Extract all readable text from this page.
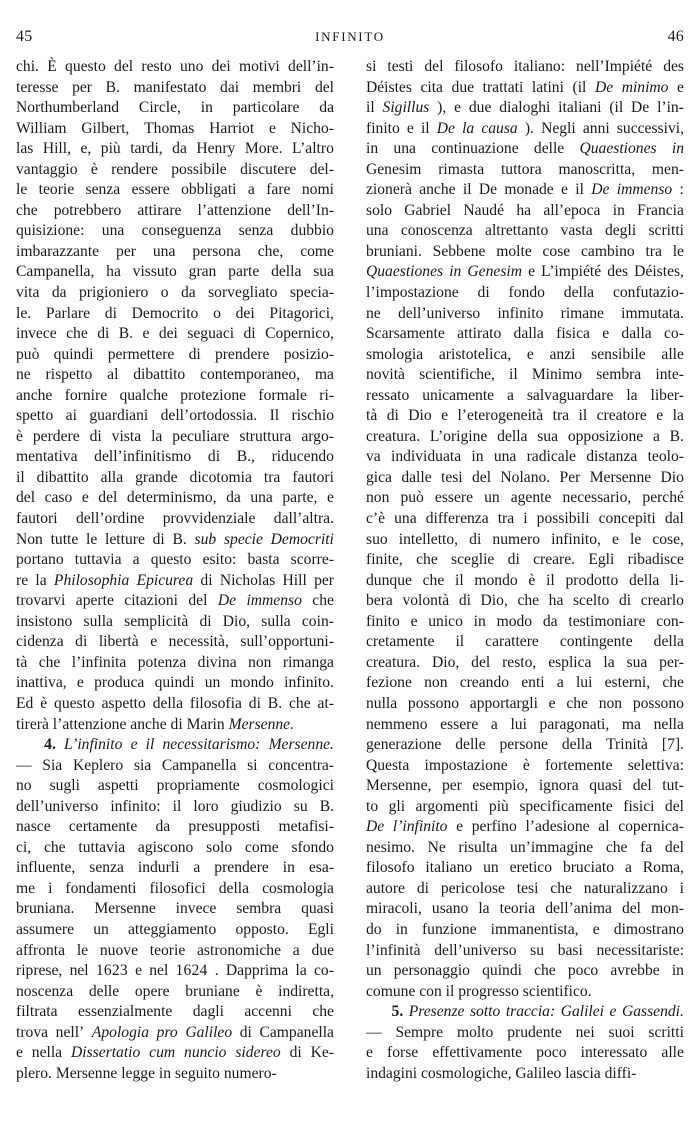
45	INFINITO	46
chi. È questo del resto uno dei motivi dell’in-
teresse per B. manifestato dai membri del
Northumberland Circle, in particolare da
William Gilbert, Thomas Harriot e Nicho-
las Hill, e, più tardi, da Henry More. L’altro
vantaggio è rendere possibile discutere del-
le teorie senza essere obbligati a fare nomi
che potrebbero attirare l’attenzione dell’In-
quisizione: una conseguenza senza dubbio
imbarazzante per una persona che, come
Campanella, ha vissuto gran parte della sua
vita da prigioniero o da sorvegliato specia-
le. Parlare di Democrito o dei Pitagorici,
invece che di B. e dei seguaci di Copernico,
può quindi permettere di prendere posizio-
ne rispetto al dibattito contemporaneo, ma
anche fornire qualche protezione formale ri-
spetto ai guardiani dell’ortodossia. Il rischio
è perdere di vista la peculiare struttura argo-
mentativa dell’infinitismo di B., riducendo
il dibattito alla grande dicotomia tra fautori
del caso e del determinismo, da una parte, e
fautori dell’ordine provvidenziale dall’altra.
Non tutte le letture di B. sub specie Democriti
portano tuttavia a questo esito: basta scorre-
re la Philosophia Epicurea di Nicholas Hill per
trovarvi aperte citazioni del De immenso che
insistono sulla semplicità di Dio, sulla coin-
cidenza di libertà e necessità, sull’opportuni-
tà che l’infinita potenza divina non rimanga
inattiva, e produca quindi un mondo infinito.
Ed è questo aspetto della filosofia di B. che at-
tirerà l’attenzione anche di Marin Mersenne.
4. L’infinito e il necessitarismo: Mersenne.
— Sia Keplero sia Campanella si concentra-
no sugli aspetti propriamente cosmologici
dell’universo infinito: il loro giudizio su B.
nasce certamente da presupposti metafisi-
ci, che tuttavia agiscono solo come sfondo
influente, senza indurli a prendere in esa-
me i fondamenti filosofici della cosmologia
bruniana. Mersenne invece sembra quasi
assumere un atteggiamento opposto. Egli
affronta le nuove teorie astronomiche a due
riprese, nel 1623 e nel 1624 . Dapprima la co-
noscenza delle opere bruniane è indiretta,
filtrata essenzialmente dagli accenni che
trova nell’ Apologia pro Galileo di Campanella
e nella Dissertatio cum nuncio sidereo di Ke-
plero. Mersenne legge in seguito numero-
si testi del filosofo italiano: nell’Impiété des
Déistes cita due trattati latini (il De minimo e
il Sigillus ), e due dialoghi italiani (il De l’in-
finito e il De la causa ). Negli anni successivi,
in una continuazione delle Quaestiones in
Genesim rimasta tuttora manoscritta, men-
zionerà anche il De monade e il De immenso :
solo Gabriel Naudé ha all’epoca in Francia
una conoscenza altrettanto vasta degli scritti
bruniani. Sebbene molte cose cambino tra le
Quaestiones in Genesim e L’impiété des Déistes,
l’impostazione di fondo della confutazio-
ne dell’universo infinito rimane immutata.
Scarsamente attirato dalla fisica e dalla co-
smologia aristotelica, e anzi sensibile alle
novità scientifiche, il Minimo sembra inte-
ressato unicamente a salvaguardare la liber-
tà di Dio e l’eterogeneità tra il creatore e la
creatura. L’origine della sua opposizione a B.
va individuata in una radicale distanza teolo-
gica dalle tesi del Nolano. Per Mersenne Dio
non può essere un agente necessario, perché
c’è una differenza tra i possibili concepiti dal
suo intelletto, di numero infinito, e le cose,
finite, che sceglie di creare. Egli ribadisce
dunque che il mondo è il prodotto della li-
bera volontà di Dio, che ha scelto di crearlo
finito e unico in modo da testimoniare con-
cretamente il carattere contingente della
creatura. Dio, del resto, esplica la sua per-
fezione non creando enti a lui esterni, che
nulla possono apportargli e che non possono
nemmeno essere a lui paragonati, ma nella
generazione delle persone della Trinità [7].
Questa impostazione è fortemente selettiva:
Mersenne, per esempio, ignora quasi del tut-
to gli argomenti più specificamente fisici del
De l’infinito e perfino l’adesione al copernica-
nesimo. Ne risulta un’immagine che fa del
filosofo italiano un eretico bruciato a Roma,
autore di pericolose tesi che naturalizzano i
miracoli, usano la teoria dell’anima del mon-
do in funzione immanentista, e dimostrano
l’infinità dell’universo su basi necessitariste:
un personaggio quindi che poco avrebbe in
comune con il progresso scientifico.
5. Presenze sotto traccia: Galilei e Gassendi.
— Sempre molto prudente nei suoi scritti
e forse effettivamente poco interessato alle
indagini cosmologiche, Galileo lascia diffi-
